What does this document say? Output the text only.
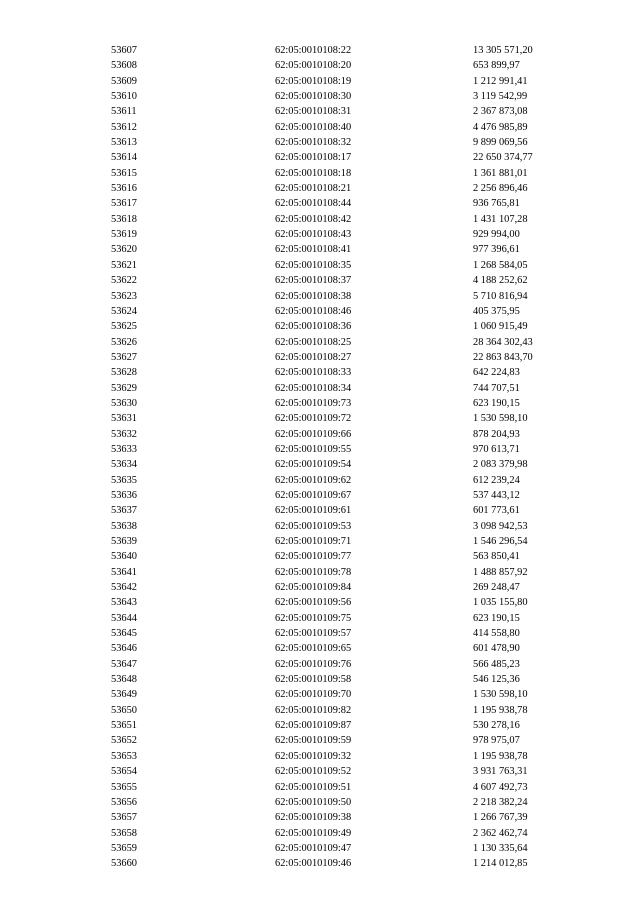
53607	62:05:0010108:22	13 305 571,20
53608	62:05:0010108:20	653 899,97
53609	62:05:0010108:19	1 212 991,41
53610	62:05:0010108:30	3 119 542,99
53611	62:05:0010108:31	2 367 873,08
53612	62:05:0010108:40	4 476 985,89
53613	62:05:0010108:32	9 899 069,56
53614	62:05:0010108:17	22 650 374,77
53615	62:05:0010108:18	1 361 881,01
53616	62:05:0010108:21	2 256 896,46
53617	62:05:0010108:44	936 765,81
53618	62:05:0010108:42	1 431 107,28
53619	62:05:0010108:43	929 994,00
53620	62:05:0010108:41	977 396,61
53621	62:05:0010108:35	1 268 584,05
53622	62:05:0010108:37	4 188 252,62
53623	62:05:0010108:38	5 710 816,94
53624	62:05:0010108:46	405 375,95
53625	62:05:0010108:36	1 060 915,49
53626	62:05:0010108:25	28 364 302,43
53627	62:05:0010108:27	22 863 843,70
53628	62:05:0010108:33	642 224,83
53629	62:05:0010108:34	744 707,51
53630	62:05:0010109:73	623 190,15
53631	62:05:0010109:72	1 530 598,10
53632	62:05:0010109:66	878 204,93
53633	62:05:0010109:55	970 613,71
53634	62:05:0010109:54	2 083 379,98
53635	62:05:0010109:62	612 239,24
53636	62:05:0010109:67	537 443,12
53637	62:05:0010109:61	601 773,61
53638	62:05:0010109:53	3 098 942,53
53639	62:05:0010109:71	1 546 296,54
53640	62:05:0010109:77	563 850,41
53641	62:05:0010109:78	1 488 857,92
53642	62:05:0010109:84	269 248,47
53643	62:05:0010109:56	1 035 155,80
53644	62:05:0010109:75	623 190,15
53645	62:05:0010109:57	414 558,80
53646	62:05:0010109:65	601 478,90
53647	62:05:0010109:76	566 485,23
53648	62:05:0010109:58	546 125,36
53649	62:05:0010109:70	1 530 598,10
53650	62:05:0010109:82	1 195 938,78
53651	62:05:0010109:87	530 278,16
53652	62:05:0010109:59	978 975,07
53653	62:05:0010109:32	1 195 938,78
53654	62:05:0010109:52	3 931 763,31
53655	62:05:0010109:51	4 607 492,73
53656	62:05:0010109:50	2 218 382,24
53657	62:05:0010109:38	1 266 767,39
53658	62:05:0010109:49	2 362 462,74
53659	62:05:0010109:47	1 130 335,64
53660	62:05:0010109:46	1 214 012,85
